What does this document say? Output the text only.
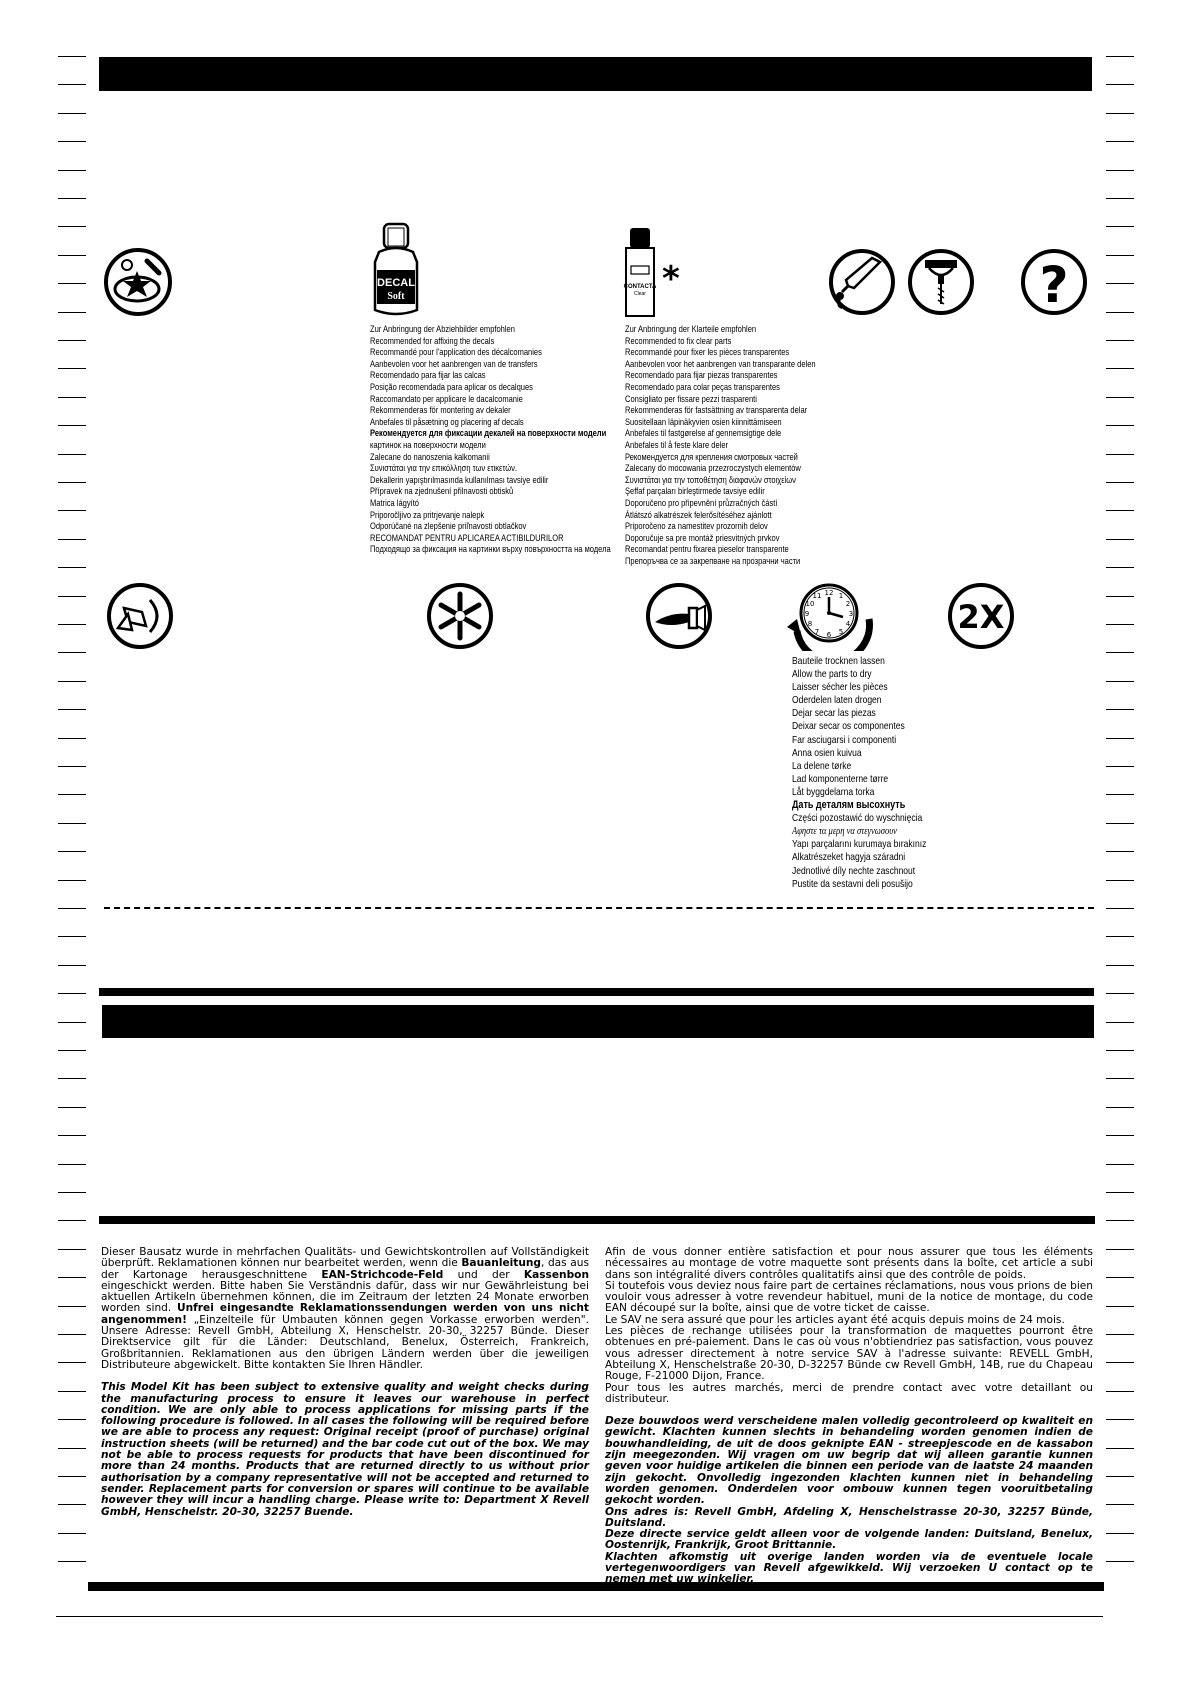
DECAL
Soft
CONTACTA
Clear *	?
Zur Anbringung der Abziehbilder empfohlen
Recommended for affixing the decals
Recommandé pour l'application des décalcomanies
Aanbevolen voor het aanbrengen van de transfers
Recomendado para fijar las calcas
Posição recomendada para aplicar os decalques
Raccomandato per applicare le dacalcomanie
Rekommenderas för montering av dekaler
Anbefales til påsætning og placering af decals
Рекомендуется для фиксации декалей на поверхности модели
картинок на поверхности модели
Zalecane do nanoszenia kalkomanii
Συνιστάται για την επικόλληση των ετικετών.
Dekallerin yapıştırılmasında kullanılması tavsiye edilir
Přípravek na zjednušení přilnavosti obtisků
Matrica lágyító
Priporočljivo za pritrjevanje nalepk
Odporúčané na zlepšenie priľnavosti obtlačkov
RECOMANDAT PENTRU APLICAREA ACTIBILDURILOR
Подходящо за фиксация на картинки върху повърхността на модела
Zur Anbringung der Klarteile empfohlen
Recommended to fix clear parts
Recommandé pour fixer les pièces transparentes
Aanbevolen voor het aanbrengen van transparante delen
Recomendado para fijar piezas transparentes
Recomendado para colar peças transparentes
Consigliato per fissare pezzi trasparenti
Rekommenderas för fastsättning av transparenta delar
Suositellaan läpinäkyvien osien kiinnittämiseen
Anbefales til fastgørelse af gennemsigtige dele
Anbefales til å feste klare deler
Рекомендуется для крепления смотровых частей
Zalecany do mocowania przezroczystych elementów
Συνιστάται για την τοποθέτηση διαφανών στοιχείων
Şeffaf parçaları birleştirmede tavsiye edilir
Doporučeno pro připevnění průzračných částí
Átlátszó alkatrészek felerősítéséhez ajánlott
Priporočeno za namestitev prozornih delov
Doporučuje sa pre montáž priesvitných prvkov
Recomandat pentru fixarea pieselor transparente
Препоръчва се за закрепване на прозрачни части
12 1
2
3
4
5
6
7
8
9
10
11
2X
Bauteile trocknen lassen
Allow the parts to dry
Laisser sécher les pièces
Oderdelen laten drogen
Dejar secar las piezas
Deixar secar os componentes
Far asciugarsi i componenti
Anna osien kuivua
La delene tørke
Lad komponenterne tørre
Låt byggdelarna torka
Дать деталям высохнуть
Części pozostawić do wyschnięcia
Αφηστε τα μερη να στεγνωσουν
Yapı parçalarını kurumaya bırakınız
Alkatrészeket hagyja száradni
Jednotlivé díly nechte zaschnout
Pustite da sestavni deli posušijo

Dieser Bausatz wurde in mehrfachen Qualitäts- und Gewichtskontrollen auf Vollständigkeit überprüft. Reklamationen können nur bearbeitet werden, wenn die Bauanleitung, das aus der Kartonage herausgeschnittene EAN-Strichcode-Feld und der Kassenbon eingeschickt werden. Bitte haben Sie Verständnis dafür, dass wir nur Gewährleistung bei aktuellen Artikeln übernehmen können, die im Zeitraum der letzten 24 Monate erworben worden sind. Unfrei eingesandte Reklamationssendungen werden von uns nicht angenommen! „Einzelteile für Umbauten können gegen Vorkasse erworben werden". Unsere Adresse: Revell GmbH, Abteilung X, Henschelstr. 20-30, 32257 Bünde. Dieser Direktservice gilt für die Länder: Deutschland, Benelux, Österreich, Frankreich, Großbritannien. Reklamationen aus den übrigen Ländern werden über die jeweiligen Distributeure abgewickelt. Bitte kontakten Sie Ihren Händler.

This Model Kit has been subject to extensive quality and weight checks during the manufacturing process to ensure it leaves our warehouse in perfect condition. We are only able to process applications for missing parts if the following procedure is followed. In all cases the following will be required before we are able to process any request: Original receipt (proof of purchase) original instruction sheets (will be returned) and the bar code cut out of the box. We may not be able to process requests for products that have been discontinued for more than 24 months. Products that are returned directly to us without prior authorisation by a company representative will not be accepted and returned to sender. Replacement parts for conversion or spares will continue to be available however they will incur a handling charge. Please write to: Department X Revell GmbH, Henschelstr. 20-30, 32257 Buende.

Afin de vous donner entière satisfaction et pour nous assurer que tous les éléments nécessaires au montage de votre maquette sont présents dans la boîte, cet article a subi dans son intégralité divers contrôles qualitatifs ainsi que des contrôle de poids.

Si toutefois vous deviez nous faire part de certaines réclamations, nous vous prions de bien vouloir vous adresser à votre revendeur habituel, muni de la notice de montage, du code EAN découpé sur la boîte, ainsi que de votre ticket de caisse.

Le SAV ne sera assuré que pour les articles ayant été acquis depuis moins de 24 mois.

Les pièces de rechange utilisées pour la transformation de maquettes pourront être obtenues en pré-paiement. Dans le cas où vous n'obtiendriez pas satisfaction, vous pouvez vous adresser directement à notre service SAV à l'adresse suivante: REVELL GmbH, Abteilung X, Henschelstraße 20-30, D-32257 Bünde cw Revell GmbH, 14B, rue du Chapeau Rouge, F-21000 Dijon, France.

Pour tous les autres marchés, merci de prendre contact avec votre detaillant ou distributeur.

Deze bouwdoos werd verscheidene malen volledig gecontroleerd op kwaliteit en gewicht. Klachten kunnen slechts in behandeling worden genomen indien de bouwhandleiding, de uit de doos geknipte EAN - streepjescode en de kassabon zijn meegezonden. Wij vragen om uw begrip dat wij alleen garantie kunnen geven voor huidige artikelen die binnen een periode van de laatste 24 maanden zijn gekocht. Onvolledig ingezonden klachten kunnen niet in behandeling worden genomen. Onderdelen voor ombouw kunnen tegen vooruitbetaling gekocht worden.

Ons adres is: Revell GmbH, Afdeling X, Henschelstrasse 20-30, 32257 Bünde, Duitsland.

Deze directe service geldt alleen voor de volgende landen: Duitsland, Benelux, Oostenrijk, Frankrijk, Groot Brittannie.

Klachten afkomstig uit overige landen worden via de eventuele locale vertegenwoordigers van Revell afgewikkeld. Wij verzoeken U contact op te nemen met uw winkelier.
